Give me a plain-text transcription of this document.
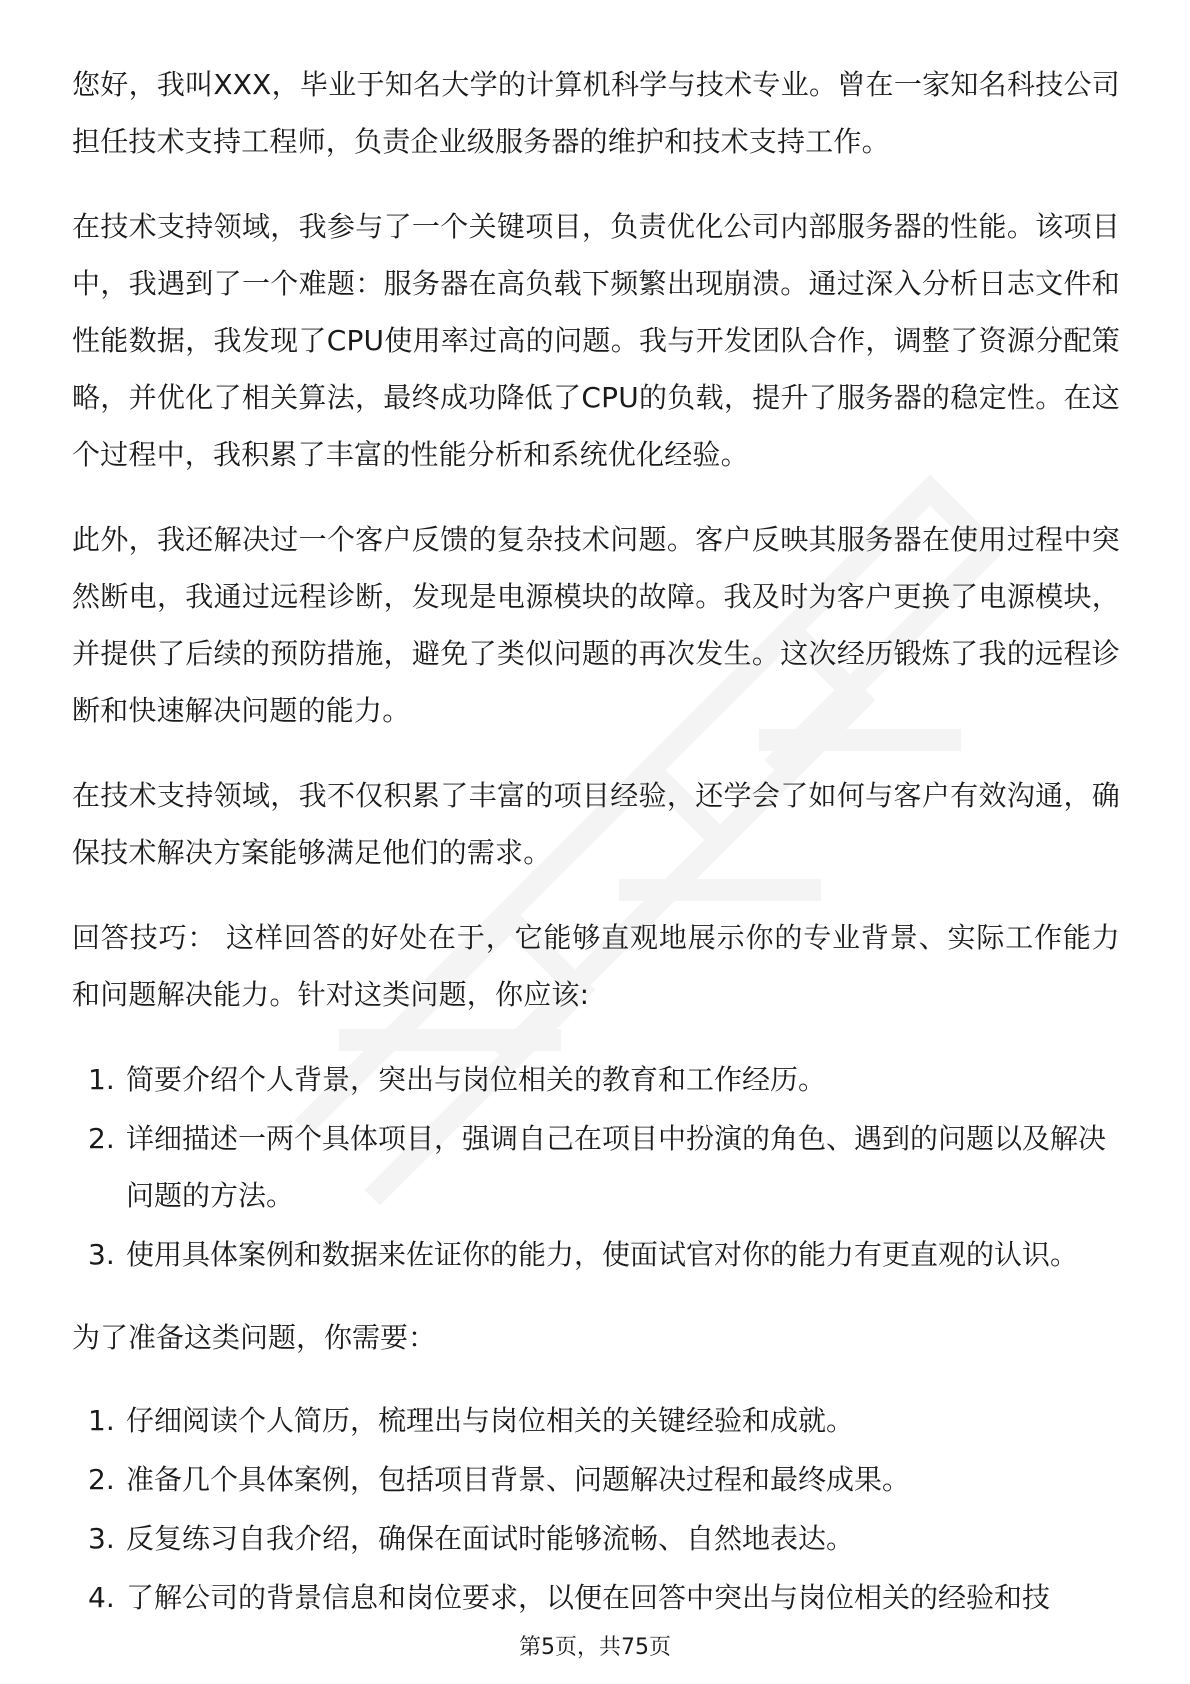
您好，我叫XXX，毕业于知名大学的计算机科学与技术专业。曾在一家知名科技公司担任技术支持工程师，负责企业级服务器的维护和技术支持工作。

在技术支持领域，我参与了一个关键项目，负责优化公司内部服务器的性能。该项目中，我遇到了一个难题：服务器在高负载下频繁出现崩溃。通过深入分析日志文件和性能数据，我发现了CPU使用率过高的问题。我与开发团队合作，调整了资源分配策略，并优化了相关算法，最终成功降低了CPU的负载，提升了服务器的稳定性。在这个过程中，我积累了丰富的性能分析和系统优化经验。

此外，我还解决过一个客户反馈的复杂技术问题。客户反映其服务器在使用过程中突然断电，我通过远程诊断，发现是电源模块的故障。我及时为客户更换了电源模块，并提供了后续的预防措施，避免了类似问题的再次发生。这次经历锻炼了我的远程诊断和快速解决问题的能力。

在技术支持领域，我不仅积累了丰富的项目经验，还学会了如何与客户有效沟通，确保技术解决方案能够满足他们的需求。

回答技巧： 这样回答的好处在于，它能够直观地展示你的专业背景、实际工作能力和问题解决能力。针对这类问题，你应该:

1. 简要介绍个人背景，突出与岗位相关的教育和工作经历。
2. 详细描述一两个具体项目，强调自己在项目中扮演的角色、遇到的问题以及解决问题的方法。
3. 使用具体案例和数据来佐证你的能力，使面试官对你的能力有更直观的认识。

为了准备这类问题，你需要：

1. 仔细阅读个人简历，梳理出与岗位相关的关键经验和成就。
2. 准备几个具体案例，包括项目背景、问题解决过程和最终成果。
3. 反复练习自我介绍，确保在面试时能够流畅、自然地表达。
4. 了解公司的背景信息和岗位要求，以便在回答中突出与岗位相关的经验和技
第5页，共75页
